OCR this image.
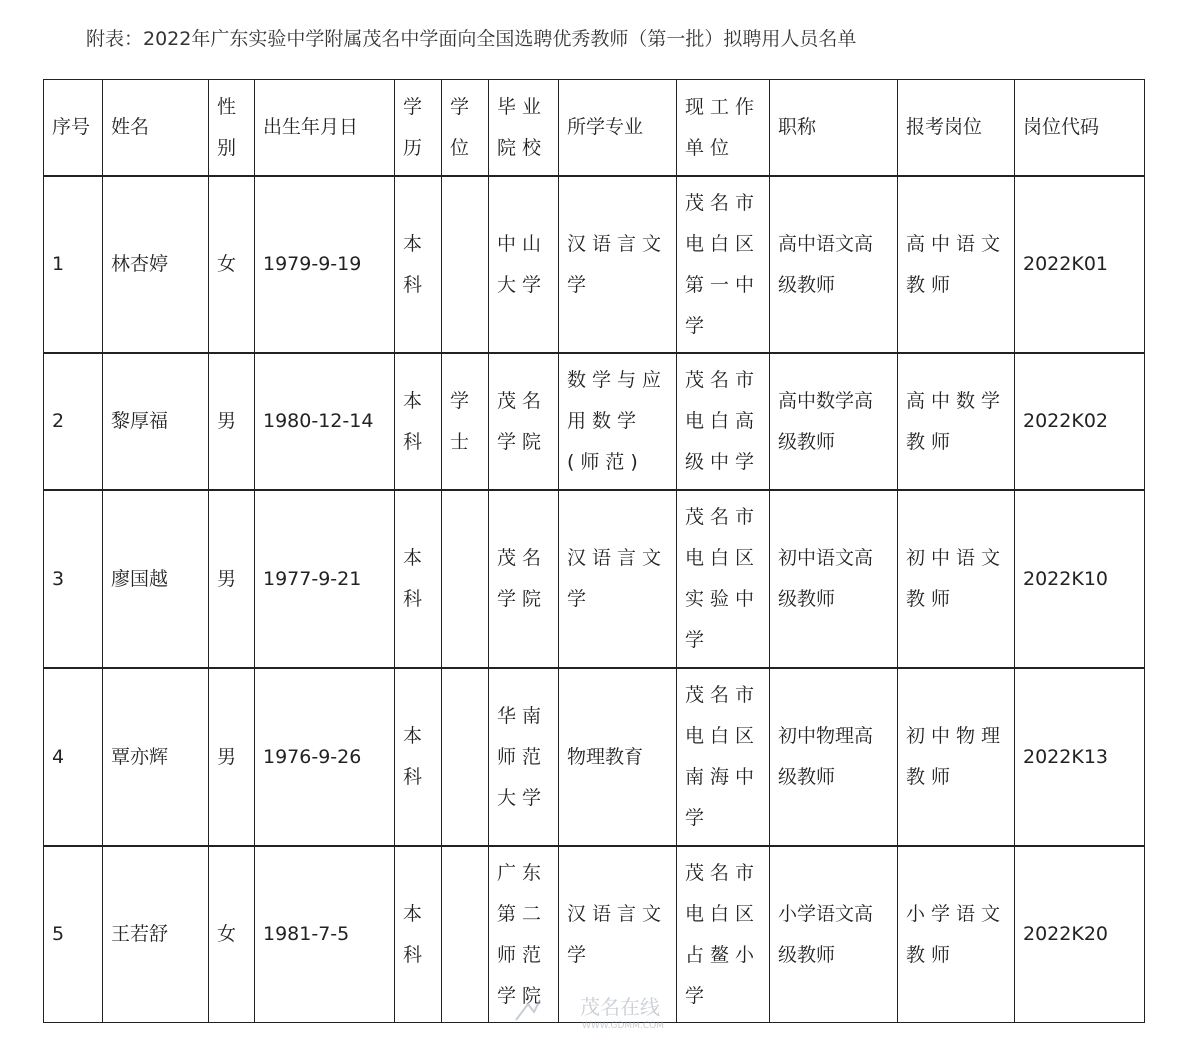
附表：2022年广东实验中学附属茂名中学面向全国选聘优秀教师（第一批）拟聘用人员名单
序号	姓名	性别	出生年月日	学历	学位	毕业院校	所学专业	现工作单位	职称	报考岗位	岗位代码
1	林杏婷	女	1979-9-19	本科		中山大学	汉语言文学	茂名市电白区第一中学	高中语文高级教师	高中语文教师	2022K01
2	黎厚福	男	1980-12-14	本科	学士	茂名学院	数学与应用数学(师范)	茂名市电白高级中学	高中数学高级教师	高中数学教师	2022K02
3	廖国越	男	1977-9-21	本科		茂名学院	汉语言文学	茂名市电白区实验中学	初中语文高级教师	初中语文教师	2022K10
4	覃亦辉	男	1976-9-26	本科		华南师范大学	物理教育	茂名市电白区南海中学	初中物理高级教师	初中物理教师	2022K13
5	王若舒	女	1981-7-5	本科		广东第二师范学院	汉语言文学	茂名市电白区占鳌小学	小学语文高级教师	小学语文教师	2022K20
茂名在线
WWW.GDMM.COM
